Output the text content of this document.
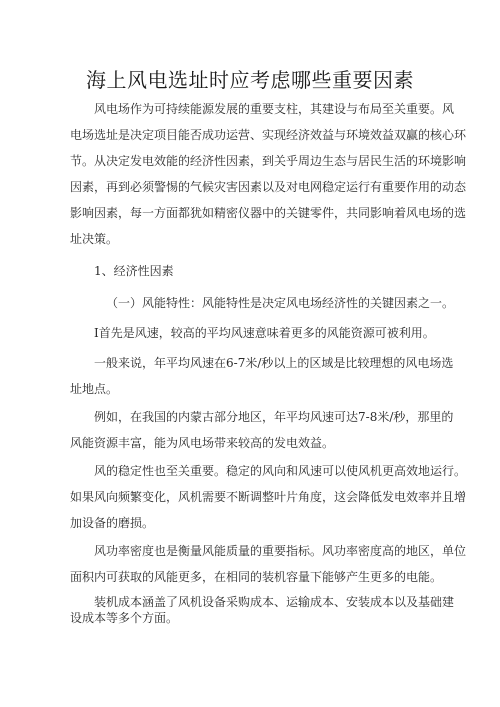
海上风电选址时应考虑哪些重要因素
风电场作为可持续能源发展的重要支柱，其建设与布局至关重要。风
电场选址是决定项目能否成功运营、实现经济效益与环境效益双赢的核心环
节。从决定发电效能的经济性因素，到关乎周边生态与居民生活的环境影响
因素，再到必须警惕的气候灾害因素以及对电网稳定运行有重要作用的动态
影响因素，每一方面都犹如精密仪器中的关键零件，共同影响着风电场的选
址决策。
1、经济性因素
（一）风能特性：风能特性是决定风电场经济性的关键因素之一。
I首先是风速，较高的平均风速意味着更多的风能资源可被利用。
一般来说，年平均风速在6-7米/秒以上的区域是比较理想的风电场选
址地点。
例如，在我国的内蒙古部分地区，年平均风速可达7-8米/秒，那里的
风能资源丰富，能为风电场带来较高的发电效益。
风的稳定性也至关重要。稳定的风向和风速可以使风机更高效地运行。
如果风向频繁变化，风机需要不断调整叶片角度，这会降低发电效率并且增
加设备的磨损。
风功率密度也是衡量风能质量的重要指标。风功率密度高的地区，单位
面积内可获取的风能更多，在相同的装机容量下能够产生更多的电能。
装机成本涵盖了风机设备采购成本、运输成本、安装成本以及基础建
设成本等多个方面。
